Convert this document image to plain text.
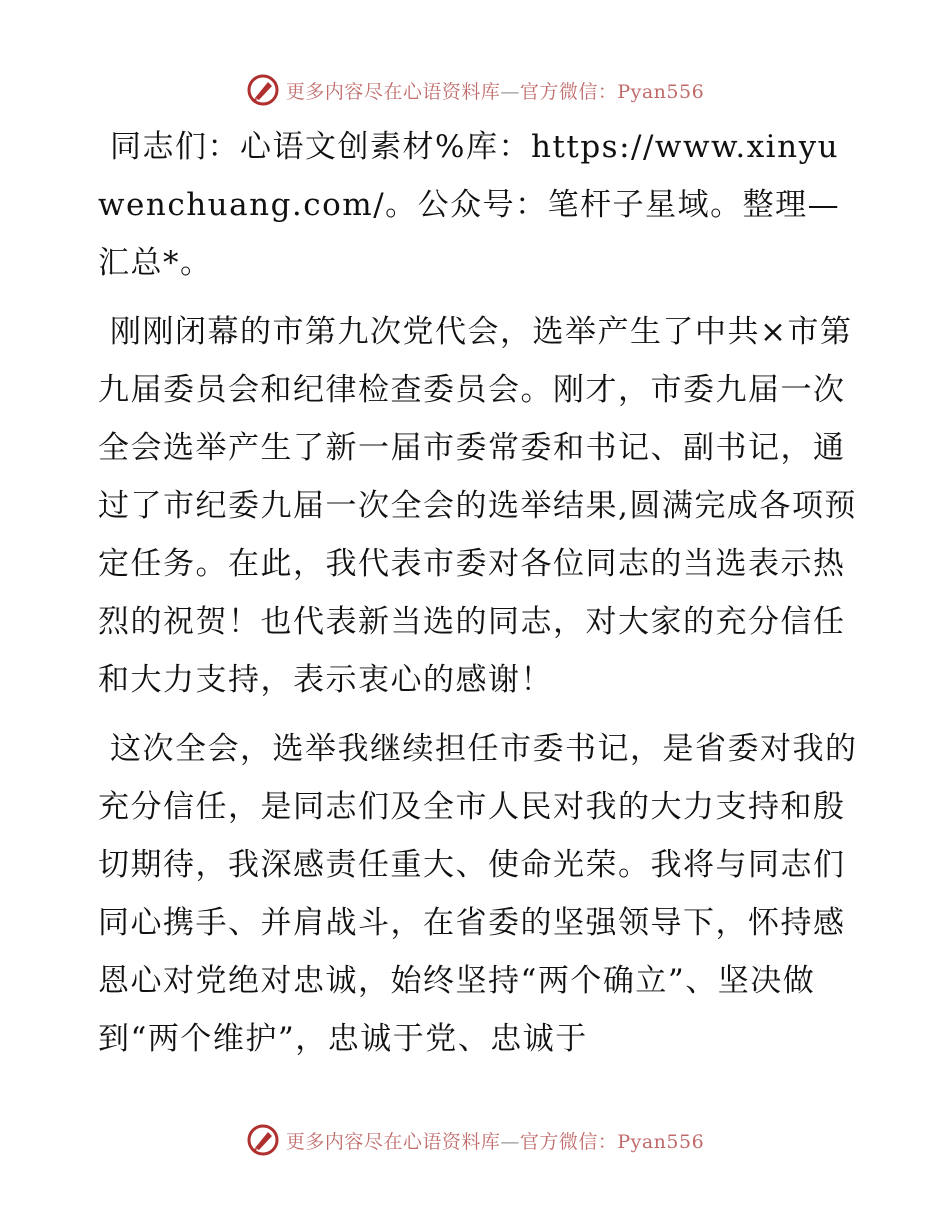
更多内容尽在心语资料库—官方微信：Pyan556

同志们：心语文创素材%库：https://www.xinyuwenchuang.com/。公众号：笔杆子星域。整理—汇总*。

刚刚闭幕的市第九次党代会，选举产生了中共×市第九届委员会和纪律检查委员会。刚才，市委九届一次全会选举产生了新一届市委常委和书记、副书记，通过了市纪委九届一次全会的选举结果,圆满完成各项预定任务。在此，我代表市委对各位同志的当选表示热烈的祝贺！也代表新当选的同志，对大家的充分信任和大力支持，表示衷心的感谢！

这次全会，选举我继续担任市委书记，是省委对我的充分信任，是同志们及全市人民对我的大力支持和殷切期待，我深感责任重大、使命光荣。我将与同志们同心携手、并肩战斗，在省委的坚强领导下，怀持感恩心对党绝对忠诚，始终坚持“两个确立”、坚决做到“两个维护”，忠诚于党、忠诚于

更多内容尽在心语资料库—官方微信：Pyan556
